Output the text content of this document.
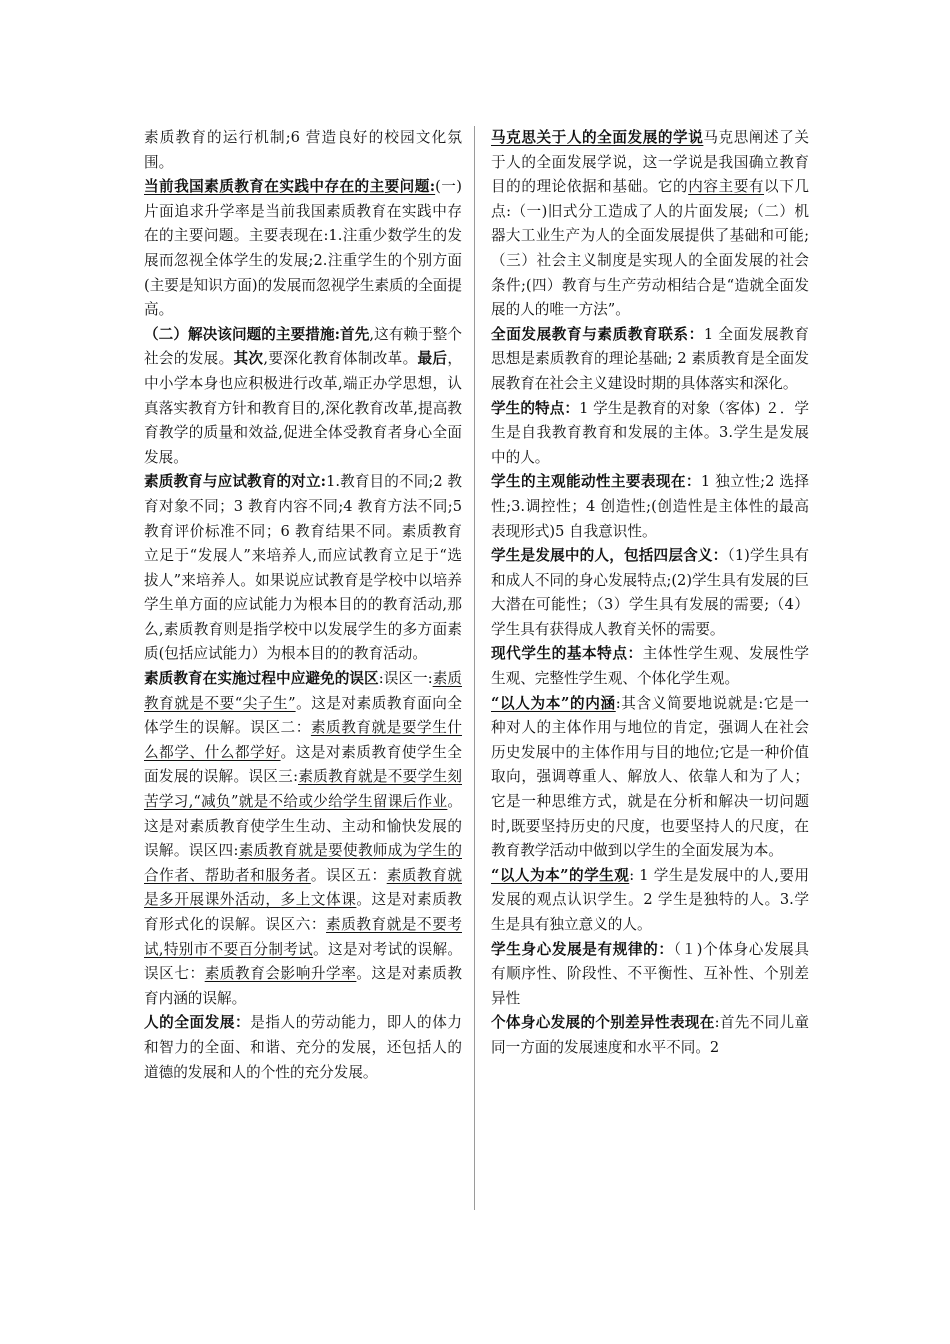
素质教育的运行机制;6 营造良好的校园文化氛围。

当前我国素质教育在实践中存在的主要问题:(一)片面追求升学率是当前我国素质教育在实践中存在的主要问题。主要表现在:1.注重少数学生的发展而忽视全体学生的发展;2.注重学生的个别方面(主要是知识方面)的发展而忽视学生素质的全面提高。

（二）解决该问题的主要措施:首先,这有赖于整个社会的发展。其次,要深化教育体制改革。最后，中小学本身也应积极进行改革,端正办学思想，认真落实教育方针和教育目的,深化教育改革,提高教育教学的质量和效益,促进全体受教育者身心全面发展。

素质教育与应试教育的对立:1.教育目的不同;2 教育对象不同；3 教育内容不同;4 教育方法不同;5 教育评价标准不同；6 教育结果不同。素质教育立足于“发展人”来培养人,而应试教育立足于“选拔人”来培养人。如果说应试教育是学校中以培养学生单方面的应试能力为根本目的的教育活动,那么,素质教育则是指学校中以发展学生的多方面素质(包括应试能力）为根本目的的教育活动。

素质教育在实施过程中应避免的误区:误区一:素质教育就是不要“尖子生”。这是对素质教育面向全体学生的误解。误区二：素质教育就是要学生什么都学、什么都学好。这是对素质教育使学生全面发展的误解。误区三:素质教育就是不要学生刻苦学习,“减负”就是不给或少给学生留课后作业。这是对素质教育使学生生动、主动和愉快发展的误解。误区四:素质教育就是要使教师成为学生的合作者、帮助者和服务者。误区五：素质教育就是多开展课外活动，多上文体课。这是对素质教育形式化的误解。误区六：素质教育就是不要考试,特别市不要百分制考试。这是对考试的误解。误区七：素质教育会影响升学率。这是对素质教育内涵的误解。

人的全面发展：是指人的劳动能力，即人的体力和智力的全面、和谐、充分的发展，还包括人的道德的发展和人的个性的充分发展。

马克思关于人的全面发展的学说马克思阐述了关于人的全面发展学说，这一学说是我国确立教育目的的理论依据和基础。它的内容主要有以下几点:（一)旧式分工造成了人的片面发展;（二）机器大工业生产为人的全面发展提供了基础和可能;（三）社会主义制度是实现人的全面发展的社会条件;(四）教育与生产劳动相结合是“造就全面发展的人的唯一方法”。

全面发展教育与素质教育联系：1 全面发展教育思想是素质教育的理论基础; 2 素质教育是全面发展教育在社会主义建设时期的具体落实和深化。

学生的特点：1 学生是教育的对象（客体) ２．学生是自我教育教育和发展的主体。3.学生是发展中的人。

学生的主观能动性主要表现在：1 独立性;2 选择性;3.调控性；4 创造性;(创造性是主体性的最高表现形式)5 自我意识性。

学生是发展中的人，包括四层含义：（1)学生具有和成人不同的身心发展特点;(2)学生具有发展的巨大潜在可能性；（3）学生具有发展的需要;（4）学生具有获得成人教育关怀的需要。

现代学生的基本特点：主体性学生观、发展性学生观、完整性学生观、个体化学生观。

“以人为本”的内涵:其含义简要地说就是:它是一种对人的主体作用与地位的肯定，强调人在社会历史发展中的主体作用与目的地位;它是一种价值取向，强调尊重人、解放人、依靠人和为了人；它是一种思维方式，就是在分析和解决一切问题时,既要坚持历史的尺度，也要坚持人的尺度，在教育教学活动中做到以学生的全面发展为本。

“以人为本”的学生观: 1 学生是发展中的人,要用发展的观点认识学生。2 学生是独特的人。3.学生是具有独立意义的人。

学生身心发展是有规律的：（１)个体身心发展具有顺序性、阶段性、不平衡性、互补性、个别差异性

个体身心发展的个别差异性表现在:首先不同儿童同一方面的发展速度和水平不同。2
